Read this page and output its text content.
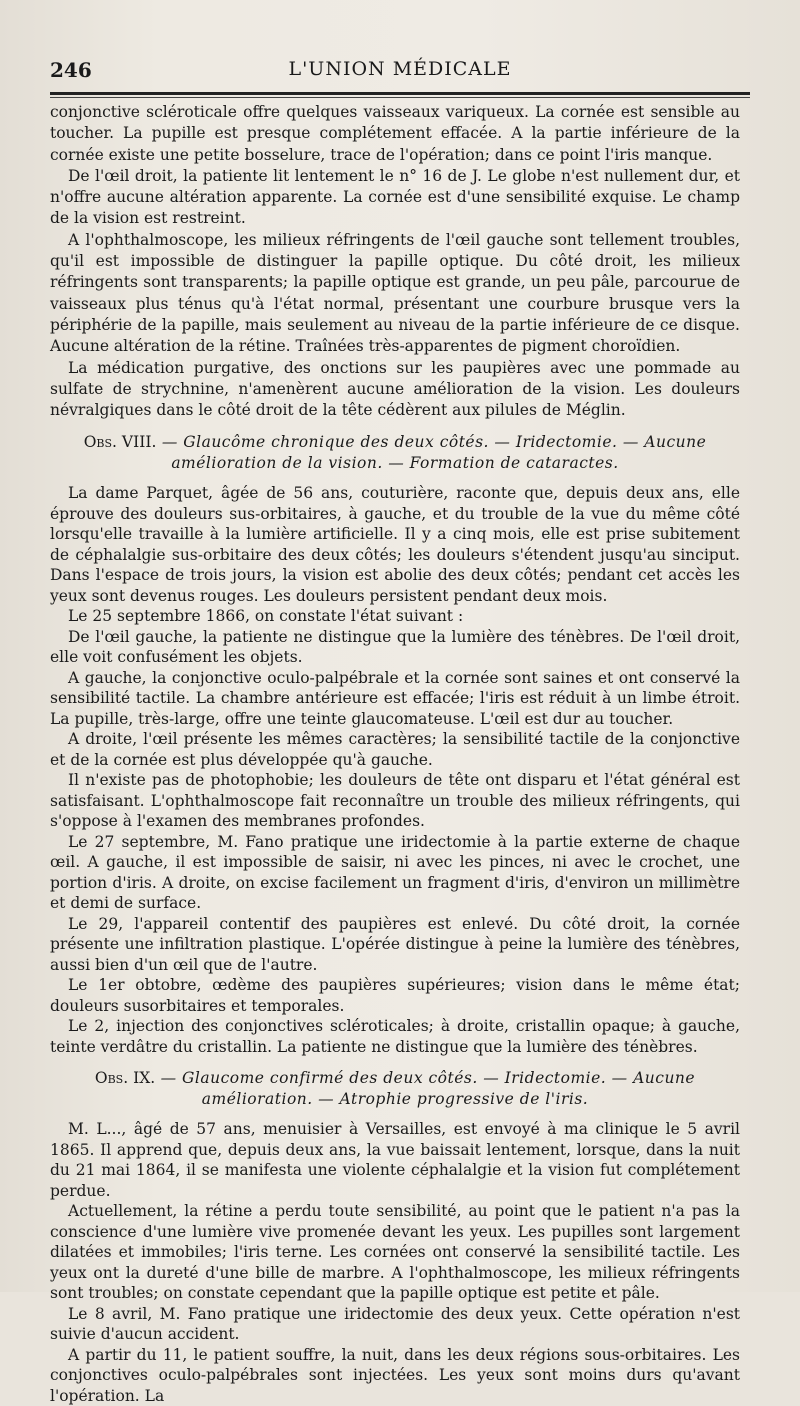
246	L'UNION MÉDICALE

conjonctive scléroticale offre quelques vaisseaux variqueux. La cornée est sensible au toucher. La pupille est presque complétement effacée. A la partie inférieure de la cornée existe une petite bosselure, trace de l'opération; dans ce point l'iris manque.

De l'œil droit, la patiente lit lentement le n° 16 de J. Le globe n'est nullement dur, et n'offre aucune altération apparente. La cornée est d'une sensibilité exquise. Le champ de la vision est restreint.

A l'ophthalmoscope, les milieux réfringents de l'œil gauche sont tellement troubles, qu'il est impossible de distinguer la papille optique. Du côté droit, les milieux réfringents sont transparents; la papille optique est grande, un peu pâle, parcourue de vaisseaux plus ténus qu'à l'état normal, présentant une courbure brusque vers la périphérie de la papille, mais seulement au niveau de la partie inférieure de ce disque. Aucune altération de la rétine. Traînées très-apparentes de pigment choroïdien.

La médication purgative, des onctions sur les paupières avec une pommade au sulfate de strychnine, n'amenèrent aucune amélioration de la vision. Les douleurs névralgiques dans le côté droit de la tête cédèrent aux pilules de Méglin.

Obs. VIII. — Glaucôme chronique des deux côtés. — Iridectomie. — Aucune amélioration de la vision. — Formation de cataractes.

La dame Parquet, âgée de 56 ans, couturière, raconte que, depuis deux ans, elle éprouve des douleurs sus-orbitaires, à gauche, et du trouble de la vue du même côté lorsqu'elle travaille à la lumière artificielle. Il y a cinq mois, elle est prise subitement de céphalalgie sus-orbitaire des deux côtés; les douleurs s'étendent jusqu'au sinciput. Dans l'espace de trois jours, la vision est abolie des deux côtés; pendant cet accès les yeux sont devenus rouges. Les douleurs persistent pendant deux mois.

Le 25 septembre 1866, on constate l'état suivant :

De l'œil gauche, la patiente ne distingue que la lumière des ténèbres. De l'œil droit, elle voit confusément les objets.

A gauche, la conjonctive oculo-palpébrale et la cornée sont saines et ont conservé la sensibilité tactile. La chambre antérieure est effacée; l'iris est réduit à un limbe étroit. La pupille, très-large, offre une teinte glaucomateuse. L'œil est dur au toucher.

A droite, l'œil présente les mêmes caractères; la sensibilité tactile de la conjonctive et de la cornée est plus développée qu'à gauche.

Il n'existe pas de photophobie; les douleurs de tête ont disparu et l'état général est satisfaisant. L'ophthalmoscope fait reconnaître un trouble des milieux réfringents, qui s'oppose à l'examen des membranes profondes.

Le 27 septembre, M. Fano pratique une iridectomie à la partie externe de chaque œil. A gauche, il est impossible de saisir, ni avec les pinces, ni avec le crochet, une portion d'iris. A droite, on excise facilement un fragment d'iris, d'environ un millimètre et demi de surface.

Le 29, l'appareil contentif des paupières est enlevé. Du côté droit, la cornée présente une infiltration plastique. L'opérée distingue à peine la lumière des ténèbres, aussi bien d'un œil que de l'autre.

Le 1er obtobre, œdème des paupières supérieures; vision dans le même état; douleurs susorbitaires et temporales.

Le 2, injection des conjonctives scléroticales; à droite, cristallin opaque; à gauche, teinte verdâtre du cristallin. La patiente ne distingue que la lumière des ténèbres.

Obs. IX. — Glaucome confirmé des deux côtés. — Iridectomie. — Aucune amélioration. — Atrophie progressive de l'iris.

M. L..., âgé de 57 ans, menuisier à Versailles, est envoyé à ma clinique le 5 avril 1865. Il apprend que, depuis deux ans, la vue baissait lentement, lorsque, dans la nuit du 21 mai 1864, il se manifesta une violente céphalalgie et la vision fut complétement perdue.

Actuellement, la rétine a perdu toute sensibilité, au point que le patient n'a pas la conscience d'une lumière vive promenée devant les yeux. Les pupilles sont largement dilatées et immobiles; l'iris terne. Les cornées ont conservé la sensibilité tactile. Les yeux ont la dureté d'une bille de marbre. A l'ophthalmoscope, les milieux réfringents sont troubles; on constate cependant que la papille optique est petite et pâle.

Le 8 avril, M. Fano pratique une iridectomie des deux yeux. Cette opération n'est suivie d'aucun accident.

A partir du 11, le patient souffre, la nuit, dans les deux régions sous-orbitaires. Les conjonctives oculo-palpébrales sont injectées. Les yeux sont moins durs qu'avant l'opération. La
